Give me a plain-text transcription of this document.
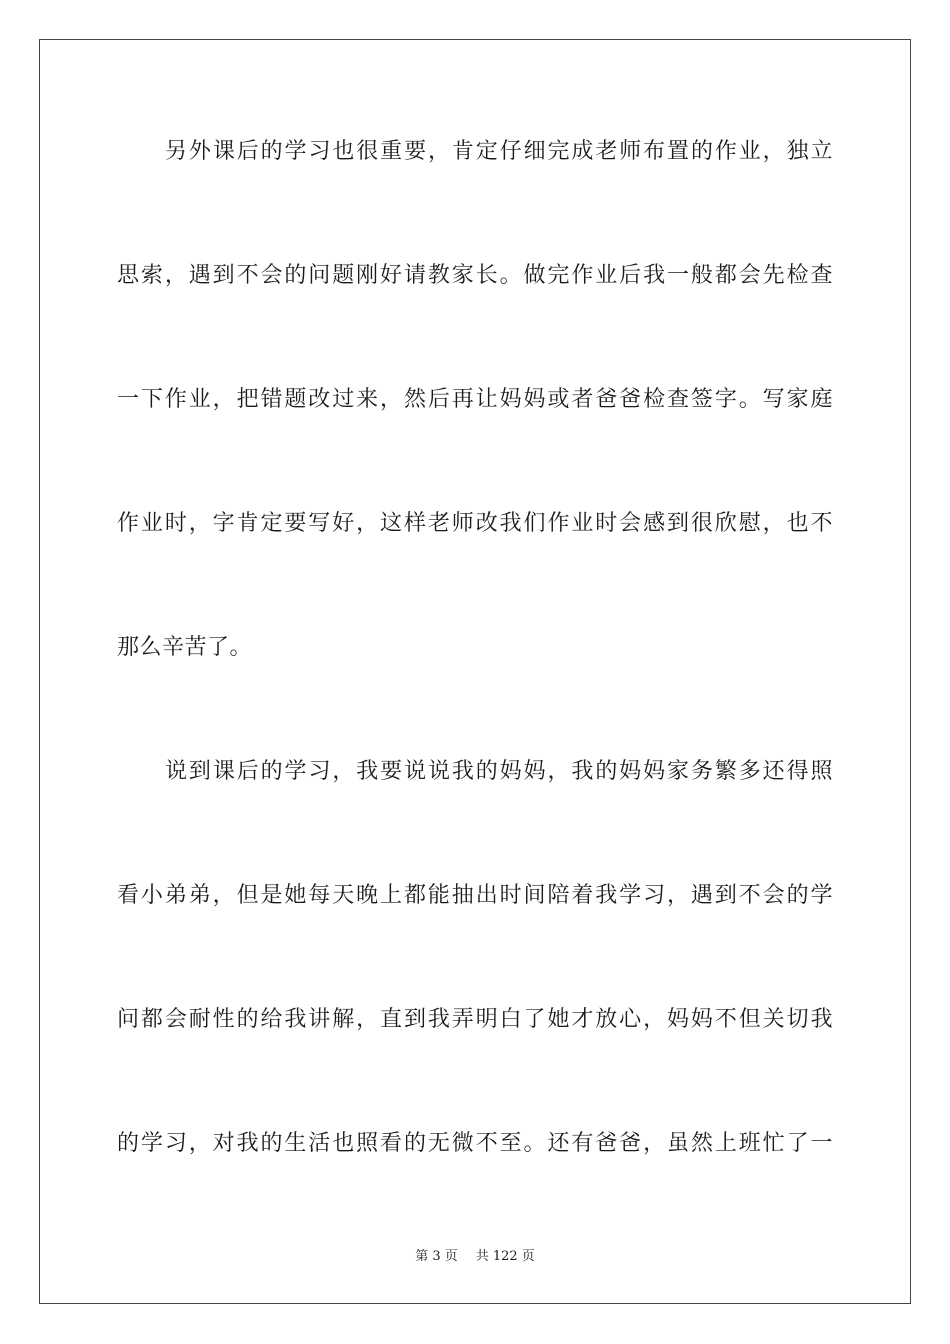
另外课后的学习也很重要，肯定仔细完成老师布置的作业，独立
思索，遇到不会的问题刚好请教家长。做完作业后我一般都会先检查
一下作业，把错题改过来，然后再让妈妈或者爸爸检查签字。写家庭
作业时，字肯定要写好，这样老师改我们作业时会感到很欣慰，也不
那么辛苦了。
说到课后的学习，我要说说我的妈妈，我的妈妈家务繁多还得照
看小弟弟，但是她每天晚上都能抽出时间陪着我学习，遇到不会的学
问都会耐性的给我讲解，直到我弄明白了她才放心，妈妈不但关切我
的学习，对我的生活也照看的无微不至。还有爸爸，虽然上班忙了一
第 3 页 共 122 页
